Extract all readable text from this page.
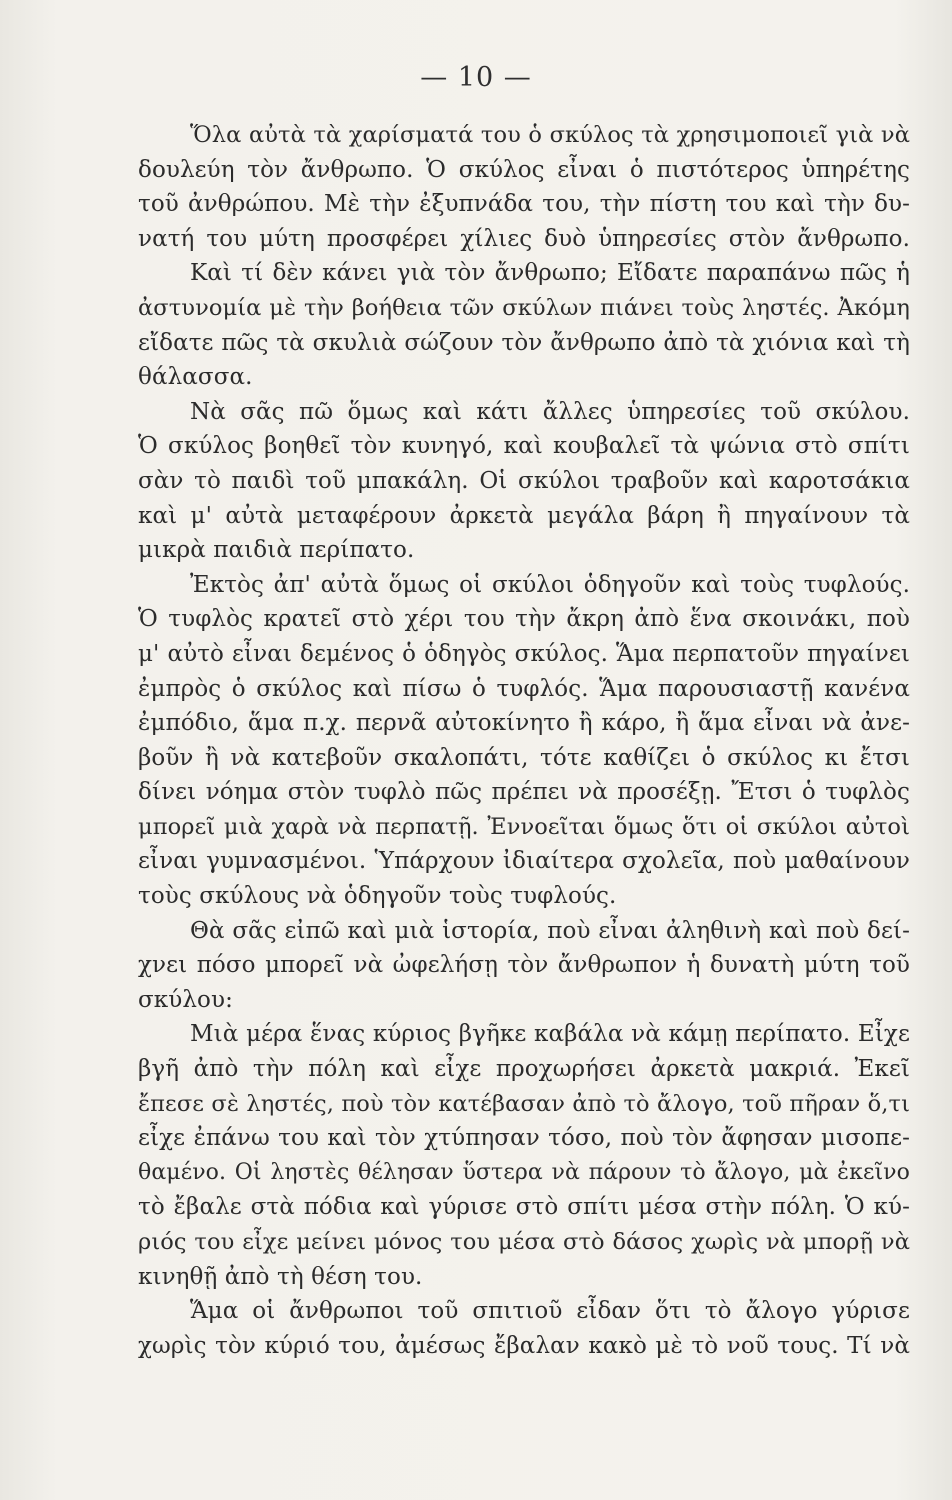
— 10 —
Ὅλα αὐτὰ τὰ χαρίσματά του ὁ σκύλος τὰ χρησιμοποιεῖ γιὰ νὰ
δουλεύη τὸν ἄνθρωπο. Ὁ σκύλος εἶναι ὁ πιστότερος ὑπηρέτης
τοῦ ἀνθρώπου. Μὲ τὴν ἐξυπνάδα του, τὴν πίστη του καὶ τὴν δυ-
νατή του μύτη προσφέρει χίλιες δυὸ ὑπηρεσίες στὸν ἄνθρωπο.
Καὶ τί δὲν κάνει γιὰ τὸν ἄνθρωπο; Εἴδατε παραπάνω πῶς ἡ
ἀστυνομία μὲ τὴν βοήθεια τῶν σκύλων πιάνει τοὺς ληστές. Ἀκόμη
εἴδατε πῶς τὰ σκυλιὰ σώζουν τὸν ἄνθρωπο ἀπὸ τὰ χιόνια καὶ τὴ
θάλασσα.
Νὰ σᾶς πῶ ὅμως καὶ κάτι ἄλλες ὑπηρεσίες τοῦ σκύλου.
Ὁ σκύλος βοηθεῖ τὸν κυνηγό, καὶ κουβαλεῖ τὰ ψώνια στὸ σπίτι
σὰν τὸ παιδὶ τοῦ μπακάλη. Οἱ σκύλοι τραβοῦν καὶ καροτσάκια
καὶ μ' αὐτὰ μεταφέρουν ἀρκετὰ μεγάλα βάρη ἢ πηγαίνουν τὰ
μικρὰ παιδιὰ περίπατο.
Ἐκτὸς ἀπ' αὐτὰ ὅμως οἱ σκύλοι ὁδηγοῦν καὶ τοὺς τυφλούς.
Ὁ τυφλὸς κρατεῖ στὸ χέρι του τὴν ἄκρη ἀπὸ ἕνα σκοινάκι, ποὺ
μ' αὐτὸ εἶναι δεμένος ὁ ὁδηγὸς σκύλος. Ἅμα περπατοῦν πηγαίνει
ἐμπρὸς ὁ σκύλος καὶ πίσω ὁ τυφλός. Ἅμα παρουσιαστῇ κανένα
ἐμπόδιο, ἅμα π.χ. περνᾶ αὐτοκίνητο ἢ κάρο, ἢ ἅμα εἶναι νὰ ἀνε-
βοῦν ἢ νὰ κατεβοῦν σκαλοπάτι, τότε καθίζει ὁ σκύλος κι ἔτσι
δίνει νόημα στὸν τυφλὸ πῶς πρέπει νὰ προσέξῃ. Ἔτσι ὁ τυφλὸς
μπορεῖ μιὰ χαρὰ νὰ περπατῇ. Ἐννοεῖται ὅμως ὅτι οἱ σκύλοι αὐτοὶ
εἶναι γυμνασμένοι. Ὑπάρχουν ἰδιαίτερα σχολεῖα, ποὺ μαθαίνουν
τοὺς σκύλους νὰ ὁδηγοῦν τοὺς τυφλούς.
Θὰ σᾶς εἰπῶ καὶ μιὰ ἱστορία, ποὺ εἶναι ἀληθινὴ καὶ ποὺ δεί-
χνει πόσο μπορεῖ νὰ ὠφελήσῃ τὸν ἄνθρωπον ἡ δυνατὴ μύτη τοῦ
σκύλου:
Μιὰ μέρα ἕνας κύριος βγῆκε καβάλα νὰ κάμῃ περίπατο. Εἶχε
βγῆ ἀπὸ τὴν πόλη καὶ εἶχε προχωρήσει ἀρκετὰ μακριά. Ἐκεῖ
ἔπεσε σὲ ληστές, ποὺ τὸν κατέβασαν ἀπὸ τὸ ἄλογο, τοῦ πῆραν ὅ,τι
εἶχε ἐπάνω του καὶ τὸν χτύπησαν τόσο, ποὺ τὸν ἄφησαν μισοπε-
θαμένο. Οἱ ληστὲς θέλησαν ὕστερα νὰ πάρουν τὸ ἄλογο, μὰ ἐκεῖνο
τὸ ἔβαλε στὰ πόδια καὶ γύρισε στὸ σπίτι μέσα στὴν πόλη. Ὁ κύ-
ριός του εἶχε μείνει μόνος του μέσα στὸ δάσος χωρὶς νὰ μπορῇ νὰ
κινηθῇ ἀπὸ τὴ θέση του.
Ἅμα οἱ ἄνθρωποι τοῦ σπιτιοῦ εἶδαν ὅτι τὸ ἄλογο γύρισε
χωρὶς τὸν κύριό του, ἀμέσως ἔβαλαν κακὸ μὲ τὸ νοῦ τους. Τί νὰ
